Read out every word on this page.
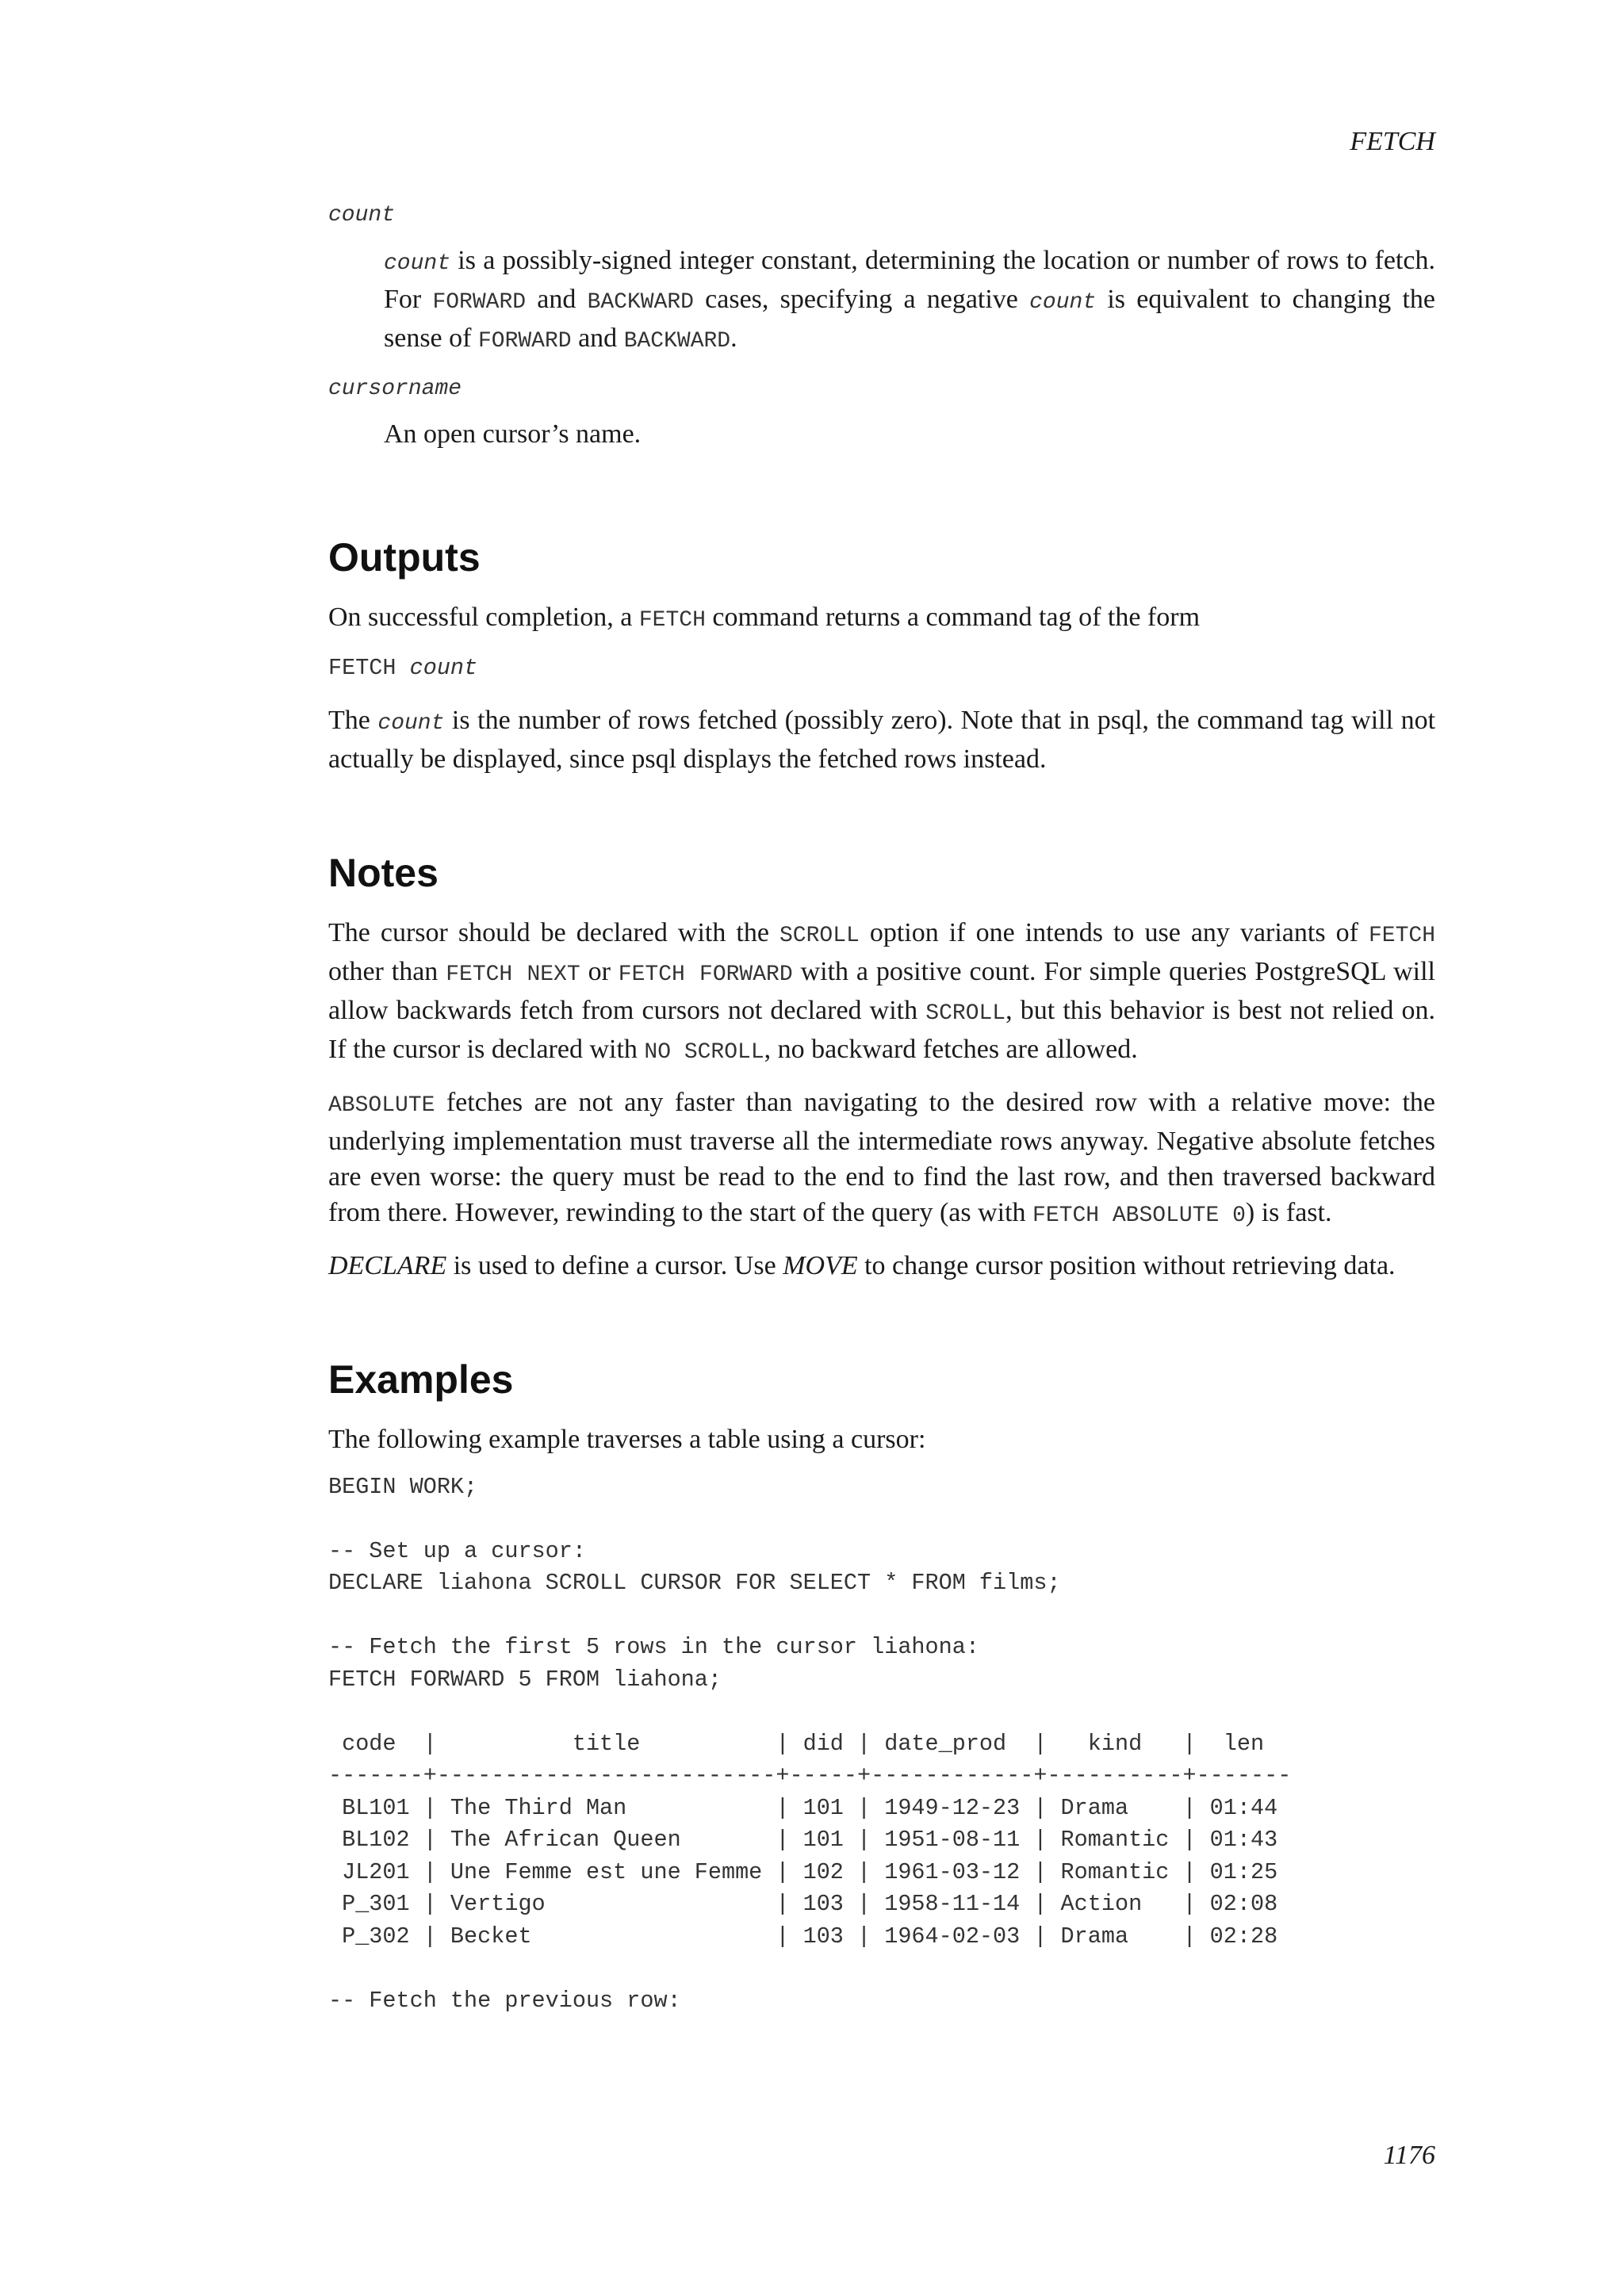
FETCH
count

count is a possibly-signed integer constant, determining the location or number of rows to fetch. For FORWARD and BACKWARD cases, specifying a negative count is equivalent to changing the sense of FORWARD and BACKWARD.

cursorname

An open cursor’s name.

Outputs

On successful completion, a FETCH command returns a command tag of the form

FETCH count

The count is the number of rows fetched (possibly zero). Note that in psql, the command tag will not actually be displayed, since psql displays the fetched rows instead.

Notes

The cursor should be declared with the SCROLL option if one intends to use any variants of FETCH other than FETCH NEXT or FETCH FORWARD with a positive count. For simple queries PostgreSQL will allow backwards fetch from cursors not declared with SCROLL, but this behavior is best not relied on. If the cursor is declared with NO SCROLL, no backward fetches are allowed.

ABSOLUTE fetches are not any faster than navigating to the desired row with a relative move: the underlying implementation must traverse all the intermediate rows anyway. Negative absolute fetches are even worse: the query must be read to the end to find the last row, and then traversed backward from there. However, rewinding to the start of the query (as with FETCH ABSOLUTE 0) is fast.

DECLARE is used to define a cursor. Use MOVE to change cursor position without retrieving data.

Examples

The following example traverses a table using a cursor:

BEGIN WORK;

-- Set up a cursor:
DECLARE liahona SCROLL CURSOR FOR SELECT * FROM films;

-- Fetch the first 5 rows in the cursor liahona:
FETCH FORWARD 5 FROM liahona;

code  |          title          | did | date_prod  |   kind   |  len
-------+-------------------------+-----+------------+----------+-------
BL101 | The Third Man           | 101 | 1949-12-23 | Drama    | 01:44
BL102 | The African Queen       | 101 | 1951-08-11 | Romantic | 01:43
JL201 | Une Femme est une Femme | 102 | 1961-03-12 | Romantic | 01:25
P_301 | Vertigo                 | 103 | 1958-11-14 | Action   | 02:08
P_302 | Becket                  | 103 | 1964-02-03 | Drama    | 02:28

-- Fetch the previous row:
1176
